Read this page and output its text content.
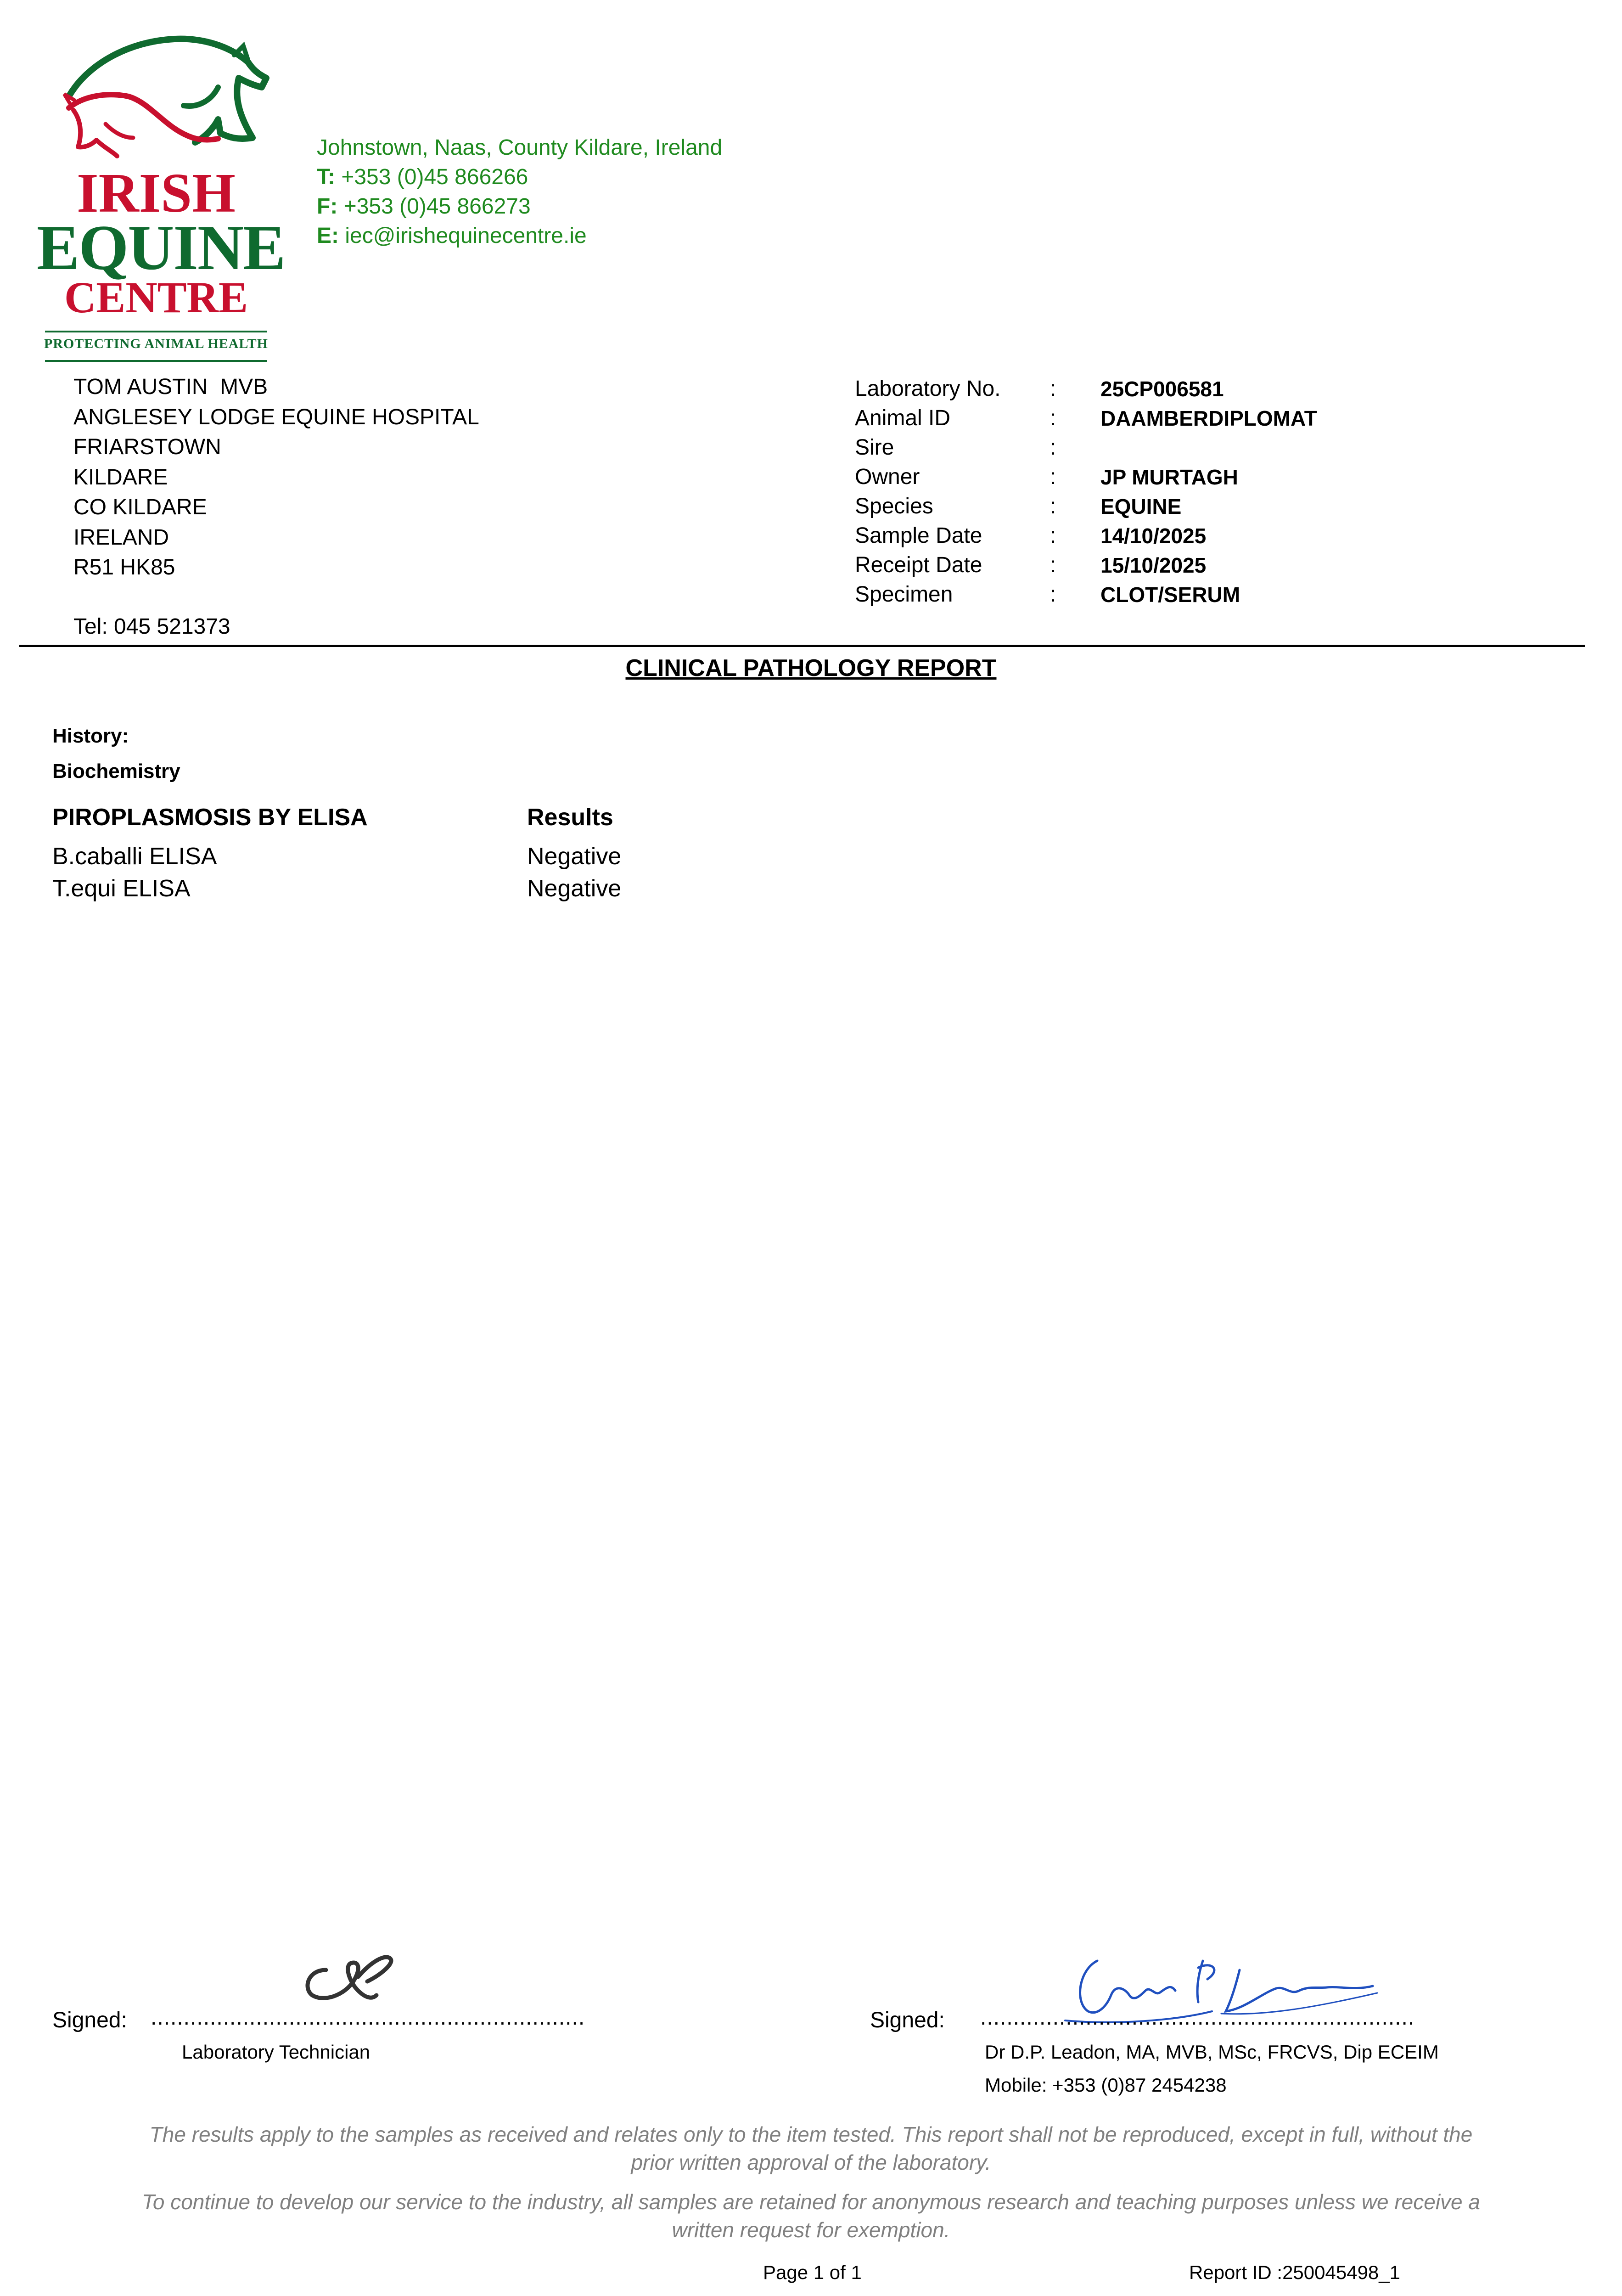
IRISH
EQUINE
CENTRE
PROTECTING ANIMAL HEALTH
Johnstown, Naas, County Kildare, Ireland
T: +353 (0)45 866266
F: +353 (0)45 866273
E: iec@irishequinecentre.ie
TOM AUSTIN  MVB
ANGLESEY LODGE EQUINE HOSPITAL
FRIARSTOWN
KILDARE
CO KILDARE
IRELAND
R51 HK85
Tel: 045 521373
Laboratory No.	:	25CP006581
Animal ID	:	DAAMBERDIPLOMAT
Sire	:
Owner	:	JP MURTAGH
Species	:	EQUINE
Sample Date	:	14/10/2025
Receipt Date	:	15/10/2025
Specimen	:	CLOT/SERUM
CLINICAL PATHOLOGY REPORT
History:
Biochemistry
PIROPLASMOSIS BY ELISA	Results
B.caballi ELISA	Negative
T.equi ELISA	Negative
Signed: ..................................................................
Laboratory Technician
Signed: ..................................................................
Dr D.P. Leadon, MA, MVB, MSc, FRCVS, Dip ECEIM
Mobile: +353 (0)87 2454238
The results apply to the samples as received and relates only to the item tested. This report shall not be reproduced, except in full, without the
prior written approval of the laboratory.
To continue to develop our service to the industry, all samples are retained for anonymous research and teaching purposes unless we receive a
written request for exemption.
Page 1 of 1	Report ID :250045498_1
